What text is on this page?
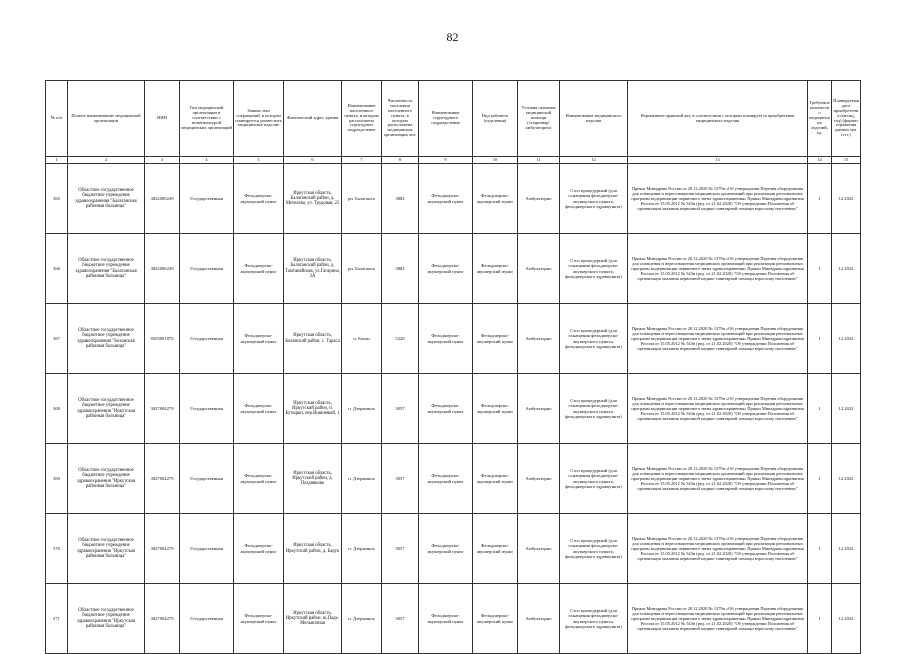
82
№ п/п	Полное наименование медицинской организации	ИНН	Тип медицинской организации в соответствии с номенклатурой медицинских организаций	Занимо или сокращений, в котором планируется разместить медицинское изделие	Фактический адрес здания	Наименование населенного пункта, в котором расположена структурное подразделение	Численность населения населенного пункта, в котором расположена медицинская организация чел.	Наименование структурного подразделения	Вид кабинета (отделения)	Условия оказания медицинской помощи (стационар/амбулаторно)	Наименование медицинского изделия	Нормативно-правовой акт, в соответствии с которым планируется приобретение медицинского изделия	Требуемое количество медицинских изделий, ед.	Планируемая дата приобретения (месяц, год) (формат отражения данных мм. гггг.)
1	2	3	4	5	6	7	8	9	10	11	12	13	14	15
365	Областное государственное бюджетное учреждение здравоохранения "Балаганская районная больница"	3822000249	Государственная	Фельдшерско-акушерский пункт	Иркутская область, Балаганский район, д. Метелева, ул. Трудовая, 22	рп. Балаганск	3882	Фельдшерско-акушерский пункт	Фельдшерско-акушерский пункт	Амбулаторно	Стол процедурный (для оснащения фельдшерско-акушерского пункта, фельдшерского здравпункта)	Приказ Минздрава России от 28.12.2020 № 1379н «Об утверждении Перечня оборудования для оснащения и переоснащения медицинских организаций при реализации региональных программ модернизации первичного звена здравоохранения» Приказ Минздравсоцразвития России от 15.05.2012 № 543н (ред. от 21.02.2020) "Об утверждении Положения об организации оказания первичной медико-санитарной помощи взрослому населению"	1	12.2022
366	Областное государственное бюджетное учреждение здравоохранения "Балаганская районная больница"	3822000249	Государственная	Фельдшерско-акушерский пункт	Иркутская область, Балаганский район, д. Тамтанайская, ул.Гагарина, 3А	рп. Балаганск	3882	Фельдшерско-акушерский пункт	Фельдшерско-акушерский пункт	Амбулаторно	Стол процедурный (для оснащения фельдшерско-акушерского пункта, фельдшерского здравпункта)	Приказ Минздрава России от 28.12.2020 № 1379н «Об утверждении Перечня оборудования для оснащения и переоснащения медицинских организаций при реализации региональных программ модернизации первичного звена здравоохранения» Приказ Минздравсоцразвития России от 15.05.2012 № 543н (ред. от 21.02.2020) "Об утверждении Положения об организации оказания первичной медико-санитарной помощи взрослому населению"	1	12.2022
367	Областное государственное бюджетное учреждение здравоохранения "Боханская районная больница"	8503001870	Государственная	Фельдшерско-акушерский пункт	Иркутская область, Боханский район, с. Тараса	п. Бохан	5220	Фельдшерско-акушерский пункт	Фельдшерско-акушерский пункт	Амбулаторно	Стол процедурный (для оснащения фельдшерско-акушерского пункта, фельдшерского здравпункта)	Приказ Минздрава России от 28.12.2020 № 1379н «Об утверждении Перечня оборудования для оснащения и переоснащения медицинских организаций при реализации региональных программ модернизации первичного звена здравоохранения» Приказ Минздравсоцразвития России от 15.05.2012 № 543н (ред. от 21.02.2020) "Об утверждении Положения об организации оказания первичной медико-санитарной помощи взрослому населению"	1	12.2022
368	Областное государственное бюджетное учреждение здравоохранения "Иркутская районная больница"	3827004279	Государственная	Фельдшерско-акушерский пункт	Иркутская область, Иркутский район, п. Бутырки, пер.Вишневый, 1	п. Дзержинск	3057	Фельдшерско-акушерский пункт	Фельдшерско-акушерский пункт	Амбулаторно	Стол процедурный (для оснащения фельдшерско-акушерского пункта, фельдшерского здравпункта)	Приказ Минздрава России от 28.12.2020 № 1379н «Об утверждении Перечня оборудования для оснащения и переоснащения медицинских организаций при реализации региональных программ модернизации первичного звена здравоохранения» Приказ Минздравсоцразвития России от 15.05.2012 № 543н (ред. от 21.02.2020) "Об утверждении Положения об организации оказания первичной медико-санитарной помощи взрослому населению"	1	12.2022
369	Областное государственное бюджетное учреждение здравоохранения "Иркутская районная больница"	3827004279	Государственная	Фельдшерско-акушерский пункт	Иркутская область, Иркутский район, д. Поздняково	п. Дзержинск	3057	Фельдшерско-акушерский пункт	Фельдшерско-акушерский пункт	Амбулаторно	Стол процедурный (для оснащения фельдшерско-акушерского пункта, фельдшерского здравпункта)	Приказ Минздрава России от 28.12.2020 № 1379н «Об утверждении Перечня оборудования для оснащения и переоснащения медицинских организаций при реализации региональных программ модернизации первичного звена здравоохранения» Приказ Минздравсоцразвития России от 15.05.2012 № 543н (ред. от 21.02.2020) "Об утверждении Положения об организации оказания первичной медико-санитарной помощи взрослому населению"	1	12.2022
370	Областное государственное бюджетное учреждение здравоохранения "Иркутская районная больница"	3827004279	Государственная	Фельдшерско-акушерский пункт	Иркутская область, Иркутский район, д. Барук	п. Дзержинск	3057	Фельдшерско-акушерский пункт	Фельдшерско-акушерский пункт	Амбулаторно	Стол процедурный (для оснащения фельдшерско-акушерского пункта, фельдшерского здравпункта)	Приказ Минздрава России от 28.12.2020 № 1379н «Об утверждении Перечня оборудования для оснащения и переоснащения медицинских организаций при реализации региональных программ модернизации первичного звена здравоохранения» Приказ Минздравсоцразвития России от 15.05.2012 № 543н (ред. от 21.02.2020) "Об утверждении Положения об организации оказания первичной медико-санитарной помощи взрослому населению"	1	12.2022
371	Областное государственное бюджетное учреждение здравоохранения "Иркутская районная больница"	3827004279	Государственная	Фельдшерско-акушерский пункт	Иркутская область, Иркутский район, ш.Падь-Мельничная	п. Дзержинск	3057	Фельдшерско-акушерский пункт	Фельдшерско-акушерский пункт	Амбулаторно	Стол процедурный (для оснащения фельдшерско-акушерского пункта, фельдшерского здравпункта)	Приказ Минздрава России от 28.12.2020 № 1379н «Об утверждении Перечня оборудования для оснащения и переоснащения медицинских организаций при реализации региональных программ модернизации первичного звена здравоохранения» Приказ Минздравсоцразвития России от 15.05.2012 № 543н (ред. от 21.02.2020) "Об утверждении Положения об организации оказания первичной медико-санитарной помощи взрослому населению"	1	12.2022
